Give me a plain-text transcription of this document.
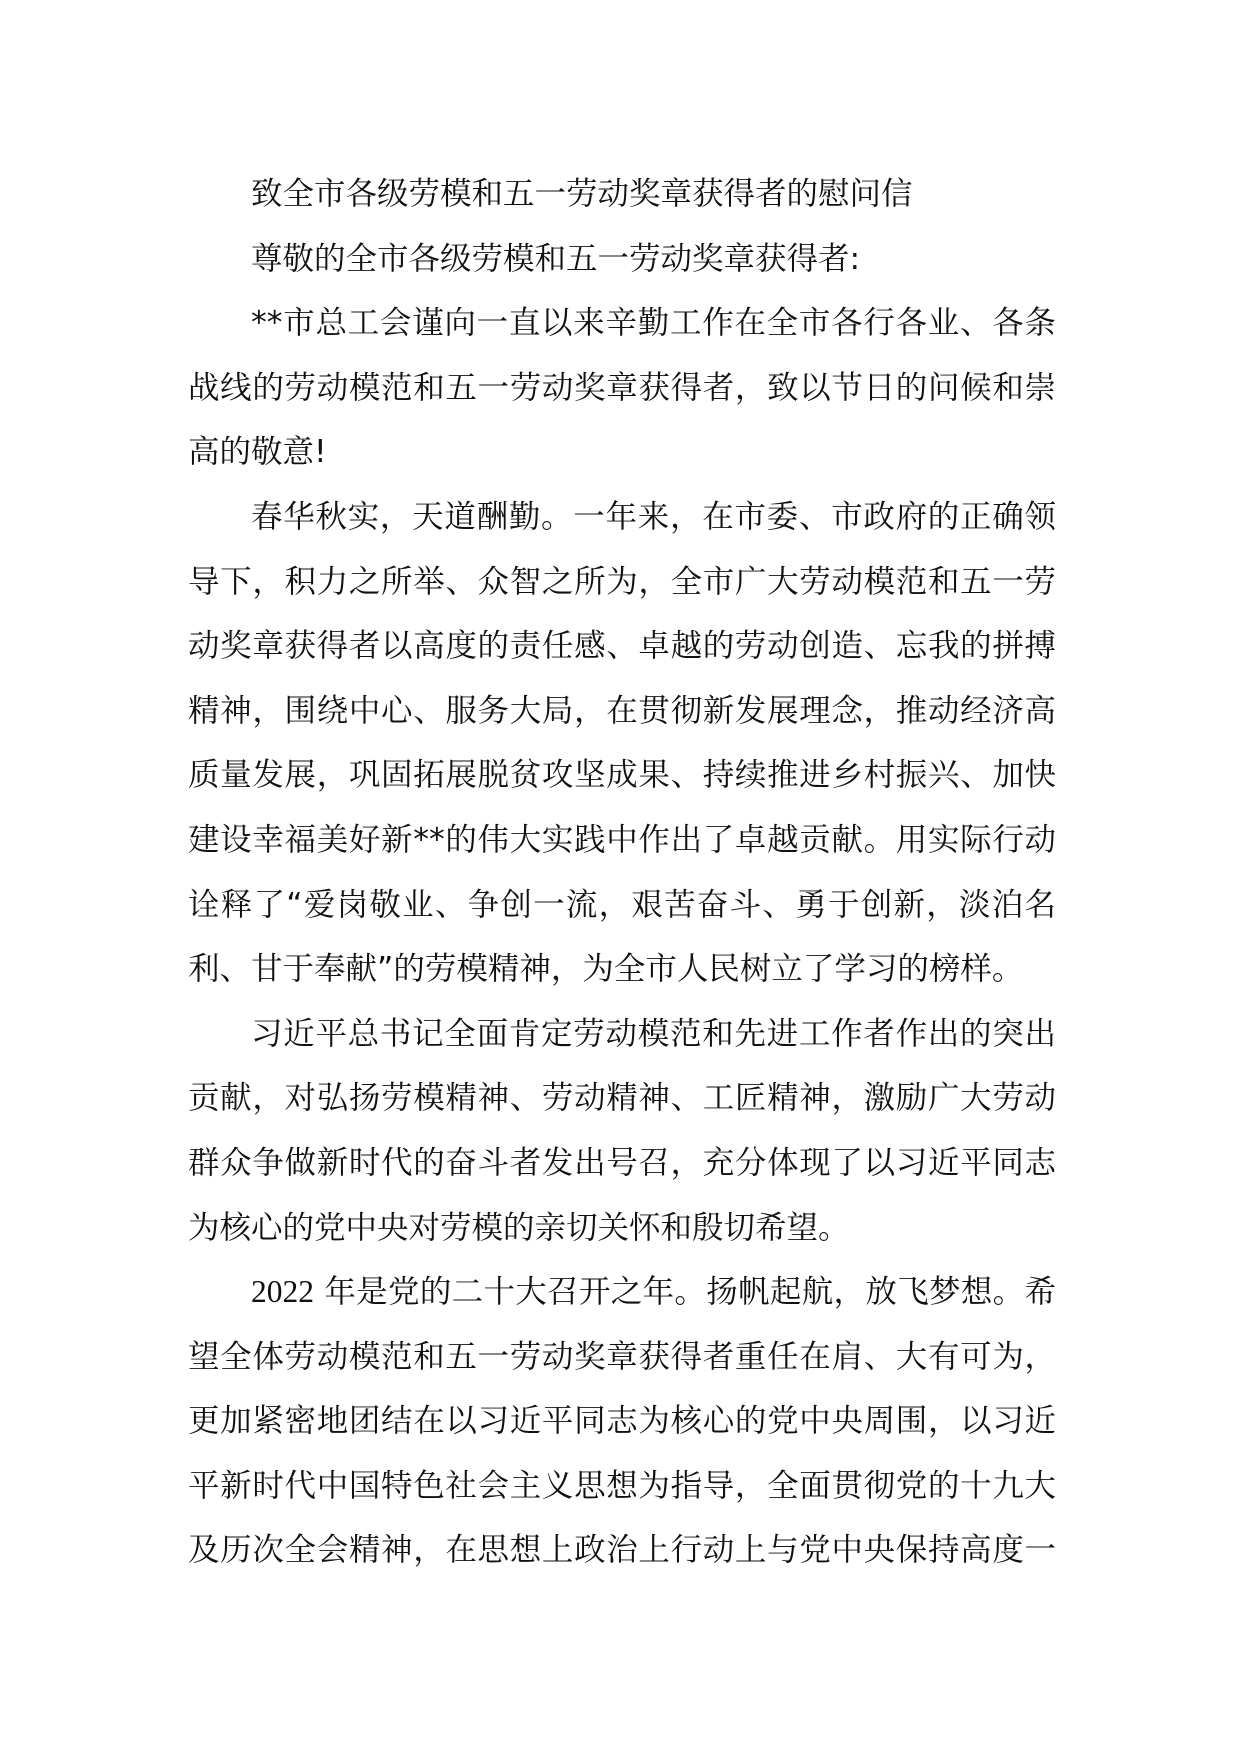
致全市各级劳模和五一劳动奖章获得者的慰问信
尊敬的全市各级劳模和五一劳动奖章获得者:
**市总工会谨向一直以来辛勤工作在全市各行各业、各条
战线的劳动模范和五一劳动奖章获得者，致以节日的问候和崇
高的敬意!
春华秋实，天道酬勤。一年来，在市委、市政府的正确领
导下，积力之所举、众智之所为，全市广大劳动模范和五一劳
动奖章获得者以高度的责任感、卓越的劳动创造、忘我的拼搏
精神，围绕中心、服务大局，在贯彻新发展理念，推动经济高
质量发展，巩固拓展脱贫攻坚成果、持续推进乡村振兴、加快
建设幸福美好新**的伟大实践中作出了卓越贡献。用实际行动
诠释了“爱岗敬业、争创一流，艰苦奋斗、勇于创新，淡泊名
利、甘于奉献”的劳模精神，为全市人民树立了学习的榜样。
习近平总书记全面肯定劳动模范和先进工作者作出的突出
贡献，对弘扬劳模精神、劳动精神、工匠精神，激励广大劳动
群众争做新时代的奋斗者发出号召，充分体现了以习近平同志
为核心的党中央对劳模的亲切关怀和殷切希望。
2022 年是党的二十大召开之年。扬帆起航，放飞梦想。希
望全体劳动模范和五一劳动奖章获得者重任在肩、大有可为，
更加紧密地团结在以习近平同志为核心的党中央周围，以习近
平新时代中国特色社会主义思想为指导，全面贯彻党的十九大
及历次全会精神，在思想上政治上行动上与党中央保持高度一
